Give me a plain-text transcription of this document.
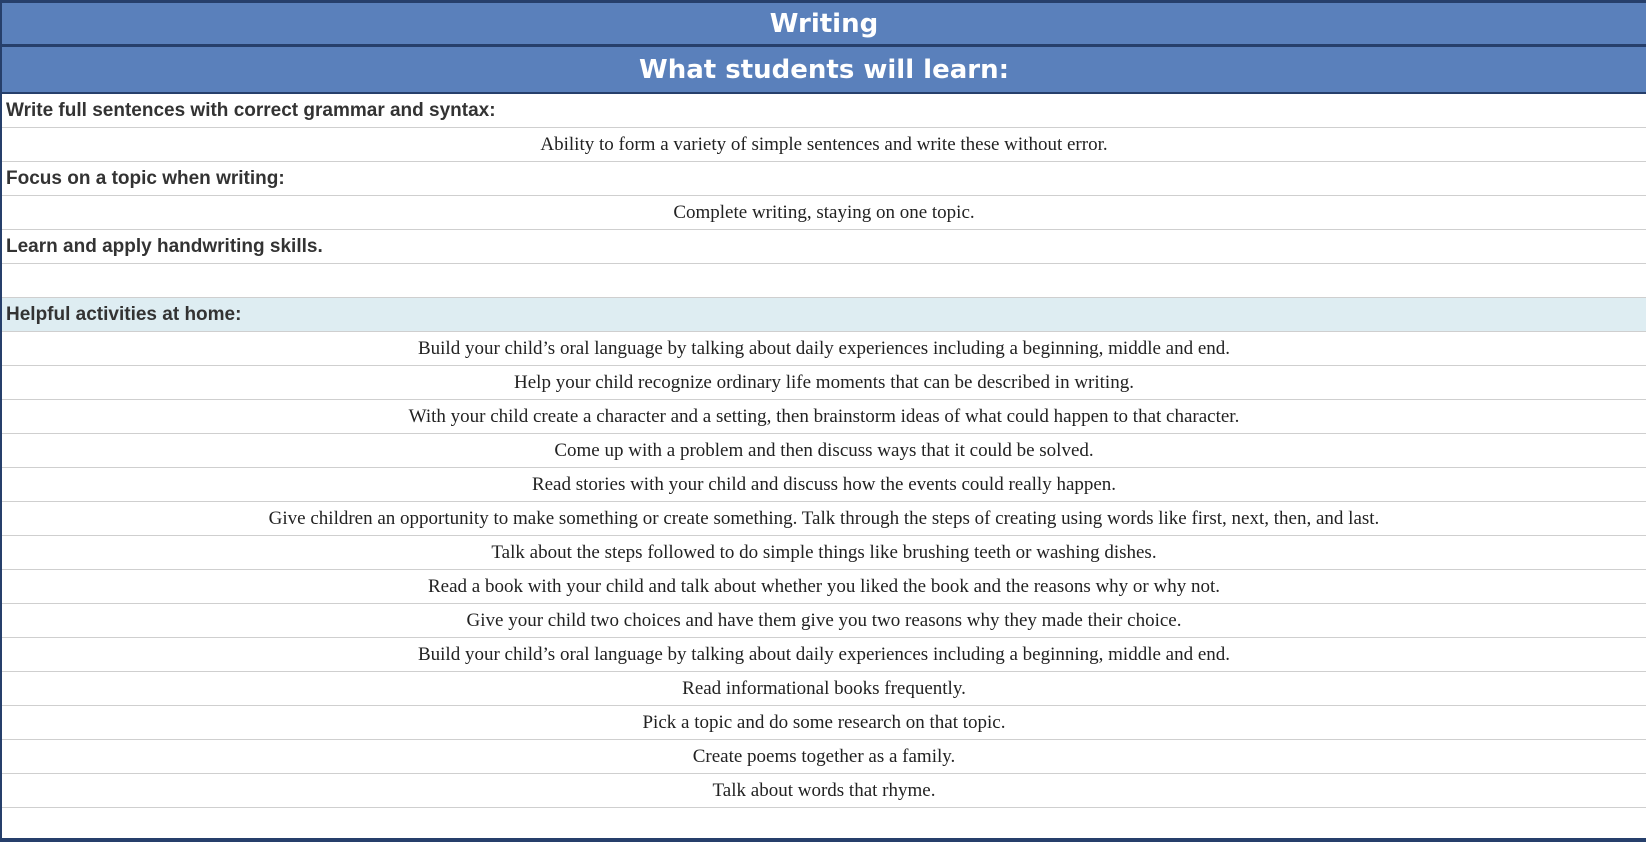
Writing
What students will learn:
Write full sentences with correct grammar and syntax:
Ability to form a variety of simple sentences and write these without error.
Focus on a topic when writing:
Complete writing, staying on one topic.
Learn and apply handwriting skills.
Helpful activities at home:
Build your child’s oral language by talking about daily experiences including a beginning, middle and end.
Help your child recognize ordinary life moments that can be described in writing.
With your child create a character and a setting, then brainstorm ideas of what could happen to that character.
Come up with a problem and then discuss ways that it could be solved.
Read stories with your child and discuss how the events could really happen.
Give children an opportunity to make something or create something. Talk through the steps of creating using words like first, next, then, and last.
Talk about the steps followed to do simple things like brushing teeth or washing dishes.
Read a book with your child and talk about whether you liked the book and the reasons why or why not.
Give your child two choices and have them give you two reasons why they made their choice.
Build your child’s oral language by talking about daily experiences including a beginning, middle and end.
Read informational books frequently.
Pick a topic and do some research on that topic.
Create poems together as a family.
Talk about words that rhyme.
